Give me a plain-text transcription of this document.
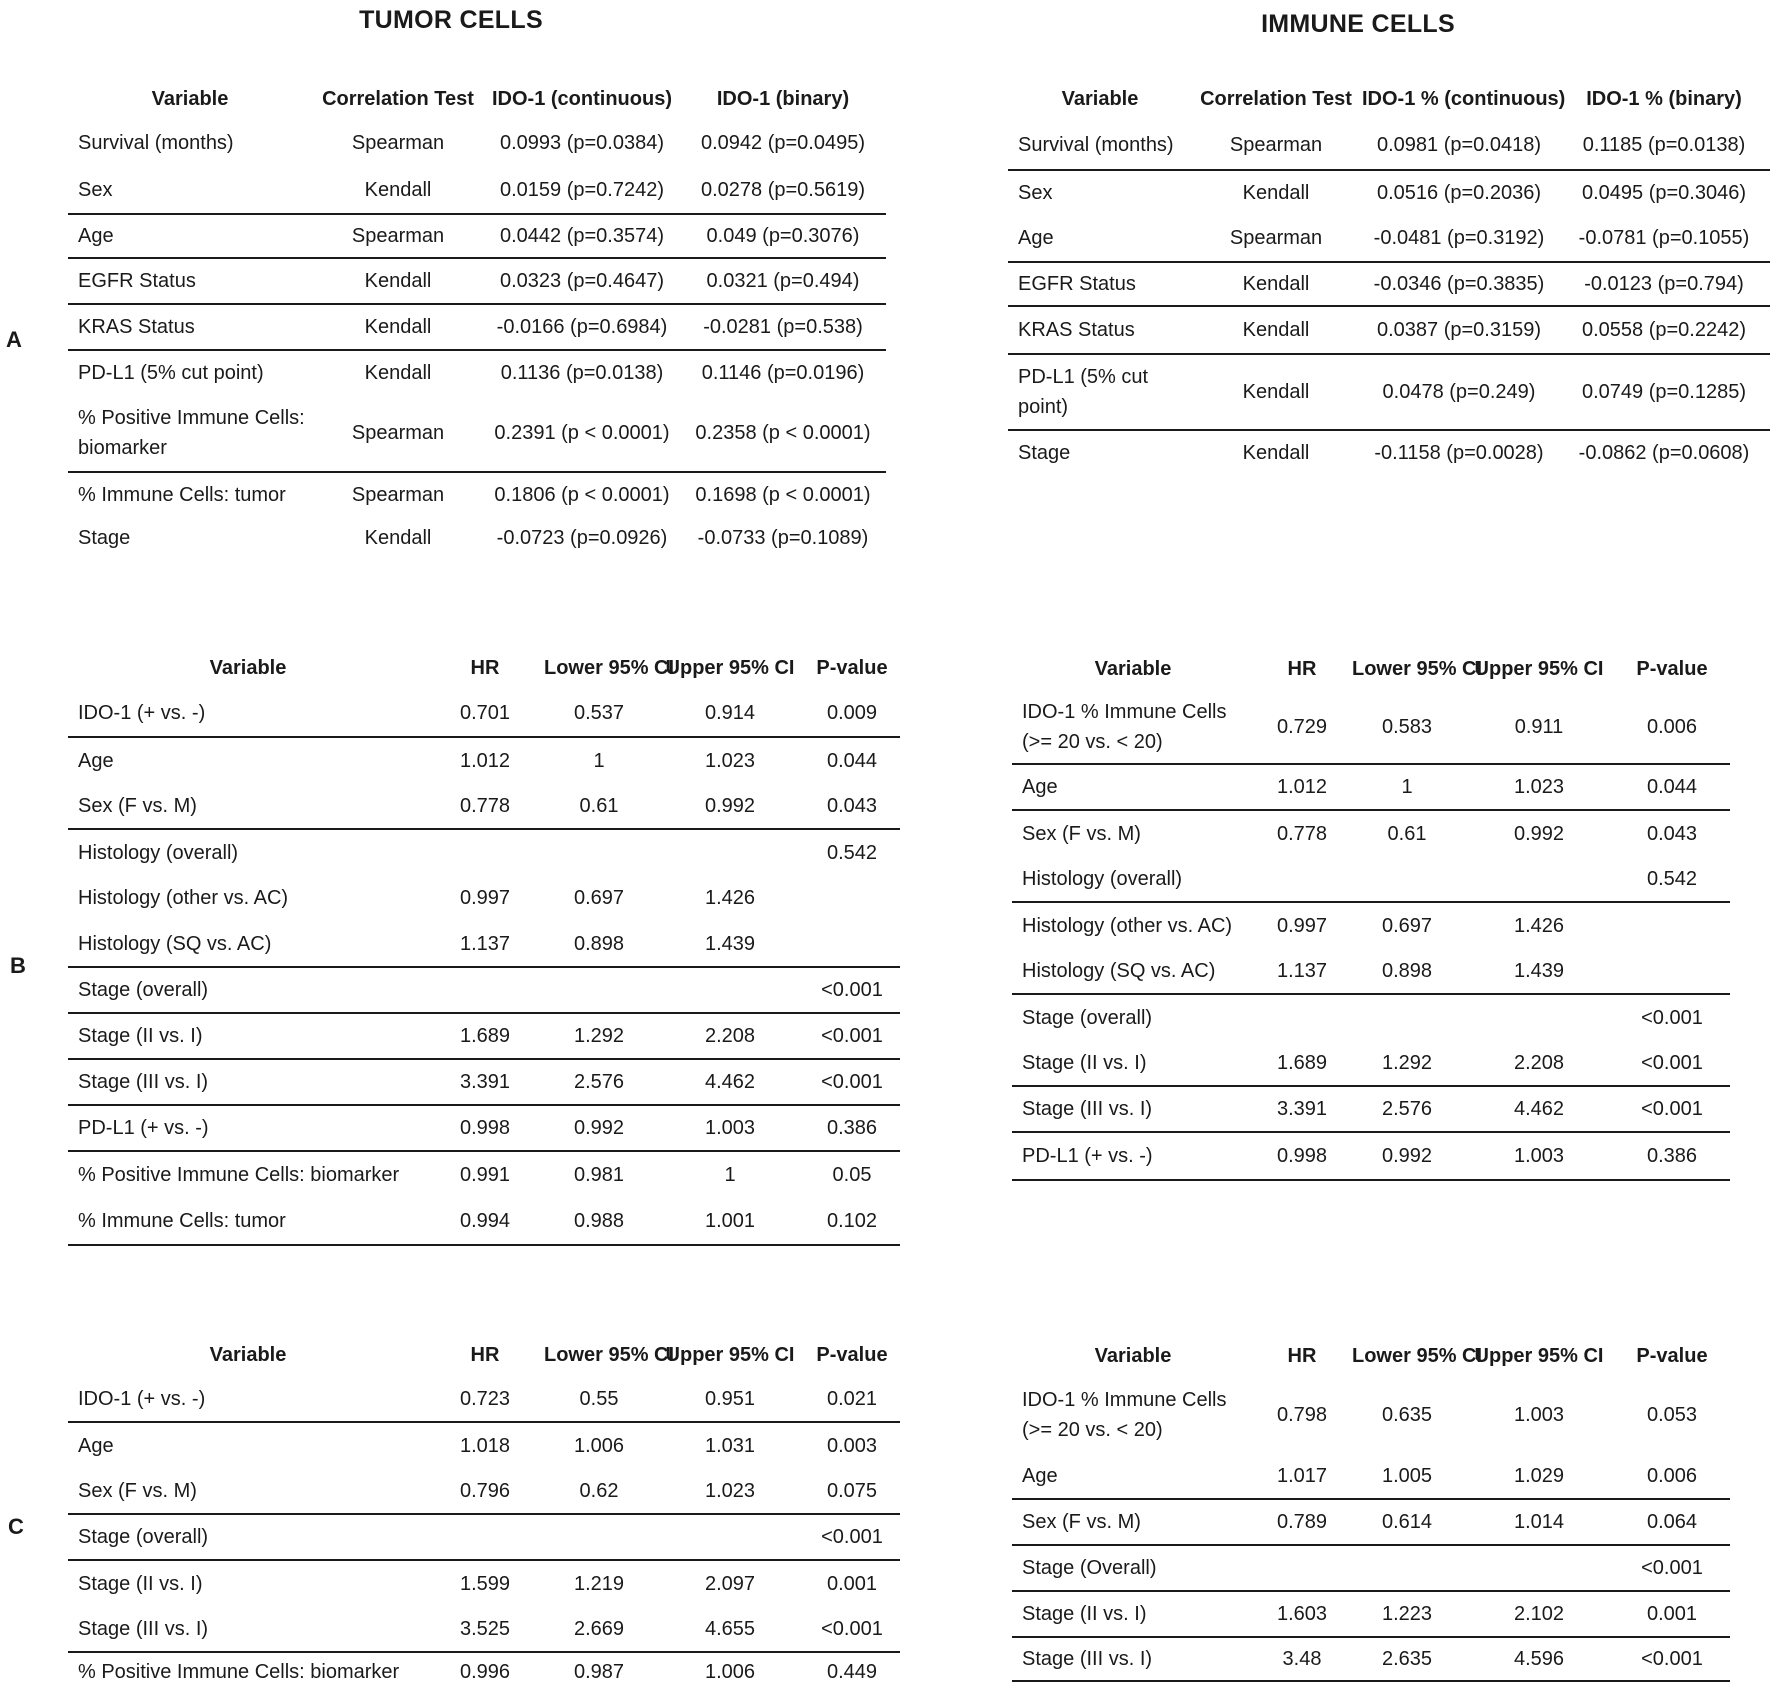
TUMOR CELLS	IMMUNE CELLS
A
B
C
Variable	Correlation Test	IDO-1 (continuous)	IDO-1 (binary)
Survival (months)	Spearman	0.0993 (p=0.0384)	0.0942 (p=0.0495)
Sex	Kendall	0.0159 (p=0.7242)	0.0278 (p=0.5619)
Age	Spearman	0.0442 (p=0.3574)	0.049 (p=0.3076)
EGFR Status	Kendall	0.0323 (p=0.4647)	0.0321 (p=0.494)
KRAS Status	Kendall	-0.0166 (p=0.6984)	-0.0281 (p=0.538)
PD-L1 (5% cut point)	Kendall	0.1136 (p=0.0138)	0.1146 (p=0.0196)
% Positive Immune Cells: biomarker	Spearman	0.2391 (p < 0.0001)	0.2358 (p < 0.0001)
% Immune Cells: tumor	Spearman	0.1806 (p < 0.0001)	0.1698 (p < 0.0001)
Stage	Kendall	-0.0723 (p=0.0926)	-0.0733 (p=0.1089)
Variable	Correlation Test	IDO-1 % (continuous)	IDO-1 % (binary)
Survival (months)	Spearman	0.0981 (p=0.0418)	0.1185 (p=0.0138)
Sex	Kendall	0.0516 (p=0.2036)	0.0495 (p=0.3046)
Age	Spearman	-0.0481 (p=0.3192)	-0.0781 (p=0.1055)
EGFR Status	Kendall	-0.0346 (p=0.3835)	-0.0123 (p=0.794)
KRAS Status	Kendall	0.0387 (p=0.3159)	0.0558 (p=0.2242)
PD-L1 (5% cut point)	Kendall	0.0478 (p=0.249)	0.0749 (p=0.1285)
Stage	Kendall	-0.1158 (p=0.0028)	-0.0862 (p=0.0608)
Variable	HR	Lower 95% CI	Upper 95% CI	P-value
IDO-1 (+ vs. -)	0.701	0.537	0.914	0.009
Age	1.012	1	1.023	0.044
Sex (F vs. M)	0.778	0.61	0.992	0.043
Histology (overall)				0.542
Histology (other vs. AC)	0.997	0.697	1.426	
Histology (SQ vs. AC)	1.137	0.898	1.439	
Stage (overall)				<0.001
Stage (II vs. I)	1.689	1.292	2.208	<0.001
Stage (III vs. I)	3.391	2.576	4.462	<0.001
PD-L1 (+ vs. -)	0.998	0.992	1.003	0.386
% Positive Immune Cells: biomarker	0.991	0.981	1	0.05
% Immune Cells: tumor	0.994	0.988	1.001	0.102
Variable	HR	Lower 95% CI	Upper 95% CI	P-value
IDO-1 % Immune Cells (>= 20 vs. < 20)	0.729	0.583	0.911	0.006
Age	1.012	1	1.023	0.044
Sex (F vs. M)	0.778	0.61	0.992	0.043
Histology (overall)				0.542
Histology (other vs. AC)	0.997	0.697	1.426	
Histology (SQ vs. AC)	1.137	0.898	1.439	
Stage (overall)				<0.001
Stage (II vs. I)	1.689	1.292	2.208	<0.001
Stage (III vs. I)	3.391	2.576	4.462	<0.001
PD-L1 (+ vs. -)	0.998	0.992	1.003	0.386
Variable	HR	Lower 95% CI	Upper 95% CI	P-value
IDO-1 (+ vs. -)	0.723	0.55	0.951	0.021
Age	1.018	1.006	1.031	0.003
Sex (F vs. M)	0.796	0.62	1.023	0.075
Stage (overall)				<0.001
Stage (II vs. I)	1.599	1.219	2.097	0.001
Stage (III vs. I)	3.525	2.669	4.655	<0.001
% Positive Immune Cells: biomarker	0.996	0.987	1.006	0.449
Variable	HR	Lower 95% CI	Upper 95% CI	P-value
IDO-1 % Immune Cells (>= 20 vs. < 20)	0.798	0.635	1.003	0.053
Age	1.017	1.005	1.029	0.006
Sex (F vs. M)	0.789	0.614	1.014	0.064
Stage (Overall)				<0.001
Stage (II vs. I)	1.603	1.223	2.102	0.001
Stage (III vs. I)	3.48	2.635	4.596	<0.001
